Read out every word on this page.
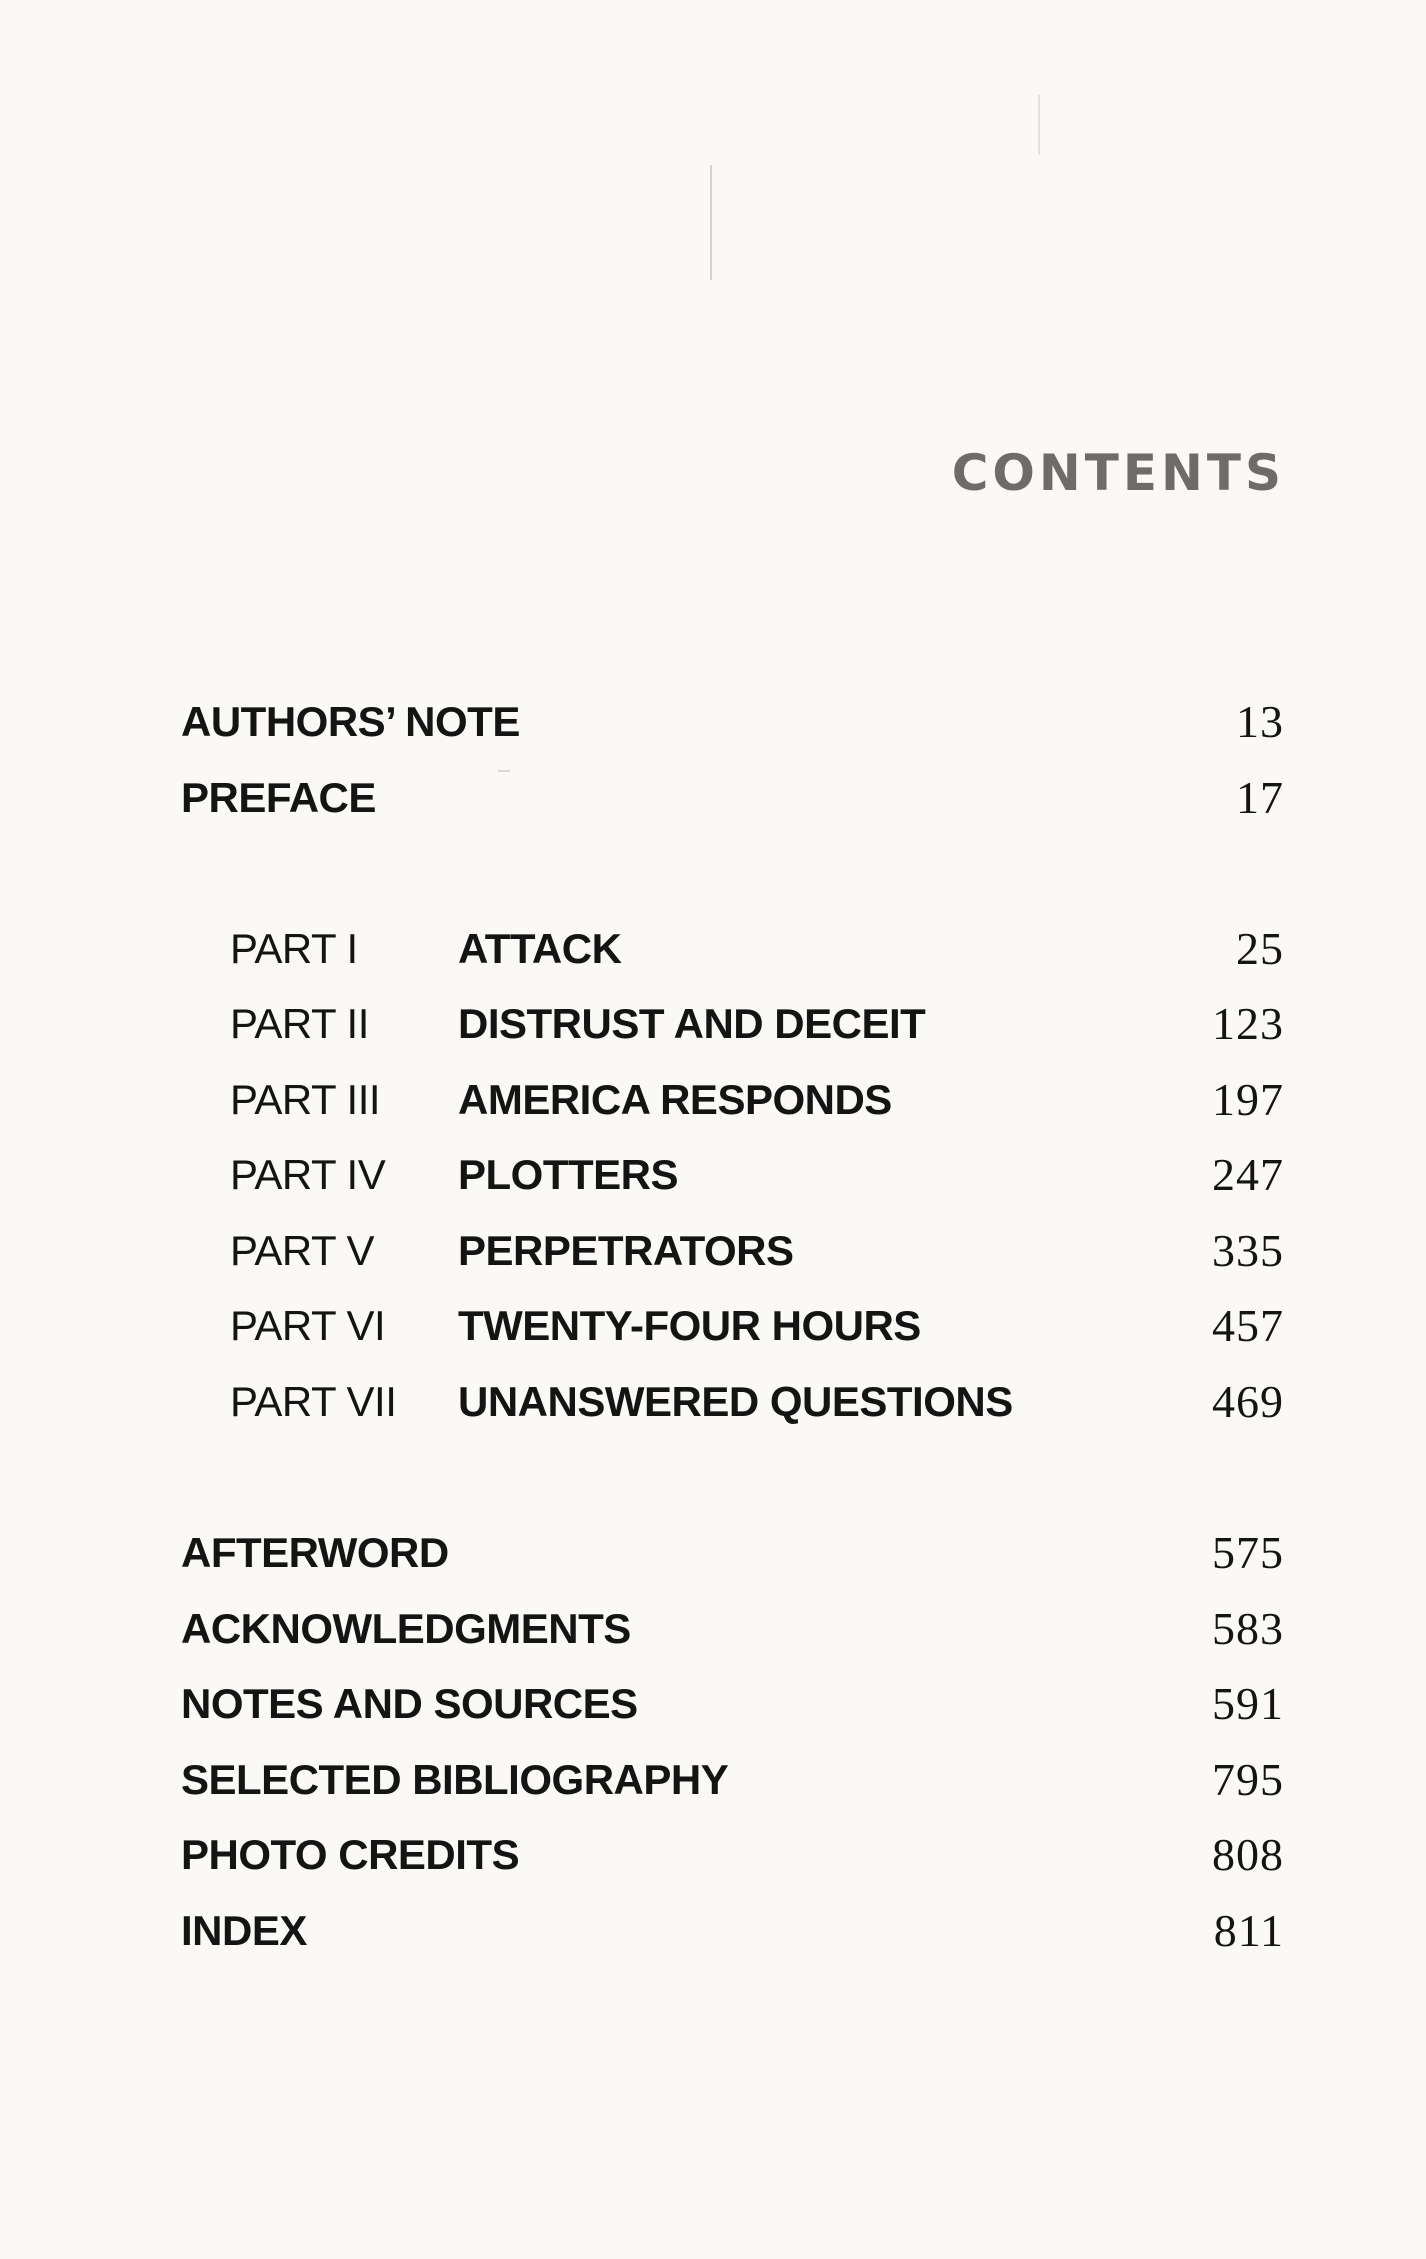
CONTENTS
AUTHORS’ NOTE	13
PREFACE	17
PART I ATTACK	25
PART II DISTRUST AND DECEIT	123
PART III AMERICA RESPONDS	197
PART IV PLOTTERS	247
PART V PERPETRATORS	335
PART VI TWENTY-FOUR HOURS	457
PART VII UNANSWERED QUESTIONS	469
AFTERWORD	575
ACKNOWLEDGMENTS	583
NOTES AND SOURCES	591
SELECTED BIBLIOGRAPHY	795
PHOTO CREDITS	808
INDEX	811
